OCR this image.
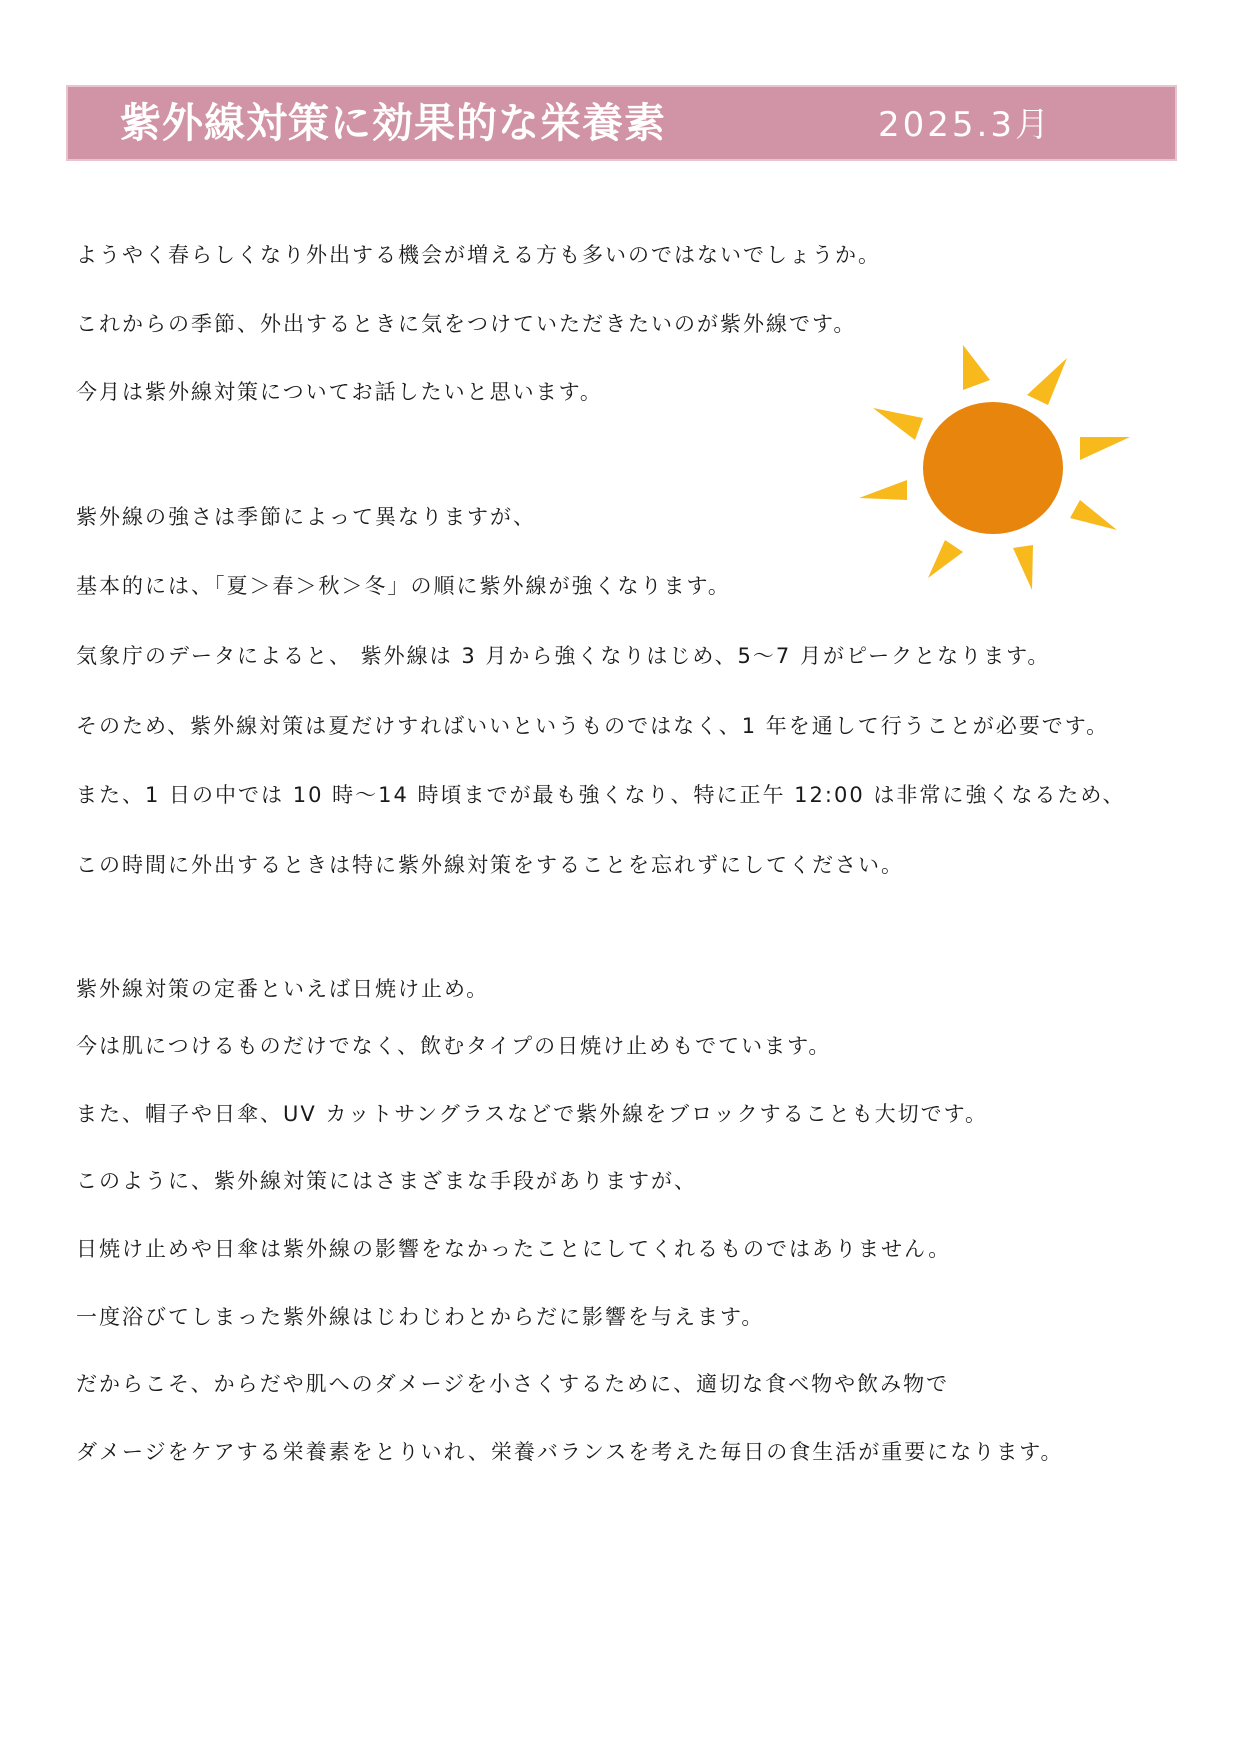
紫外線対策に効果的な栄養素	2025.3月
ようやく春らしくなり外出する機会が増える方も多いのではないでしょうか。
これからの季節、外出するときに気をつけていただきたいのが紫外線です。
今月は紫外線対策についてお話したいと思います。
紫外線の強さは季節によって異なりますが、
基本的には、「夏＞春＞秋＞冬」の順に紫外線が強くなります。
気象庁のデータによると、 紫外線は 3 月から強くなりはじめ、5〜7 月がピークとなります。
そのため、紫外線対策は夏だけすればいいというものではなく、1 年を通して行うことが必要です。
また、1 日の中では 10 時〜14 時頃までが最も強くなり、特に正午 12:00 は非常に強くなるため、
この時間に外出するときは特に紫外線対策をすることを忘れずにしてください。
紫外線対策の定番といえば日焼け止め。
今は肌につけるものだけでなく、飲むタイプの日焼け止めもでています。
また、帽子や日傘、UV カットサングラスなどで紫外線をブロックすることも大切です。
このように、紫外線対策にはさまざまな手段がありますが、
日焼け止めや日傘は紫外線の影響をなかったことにしてくれるものではありません。
一度浴びてしまった紫外線はじわじわとからだに影響を与えます。
だからこそ、からだや肌へのダメージを小さくするために、適切な食べ物や飲み物で
ダメージをケアする栄養素をとりいれ、栄養バランスを考えた毎日の食生活が重要になります。
